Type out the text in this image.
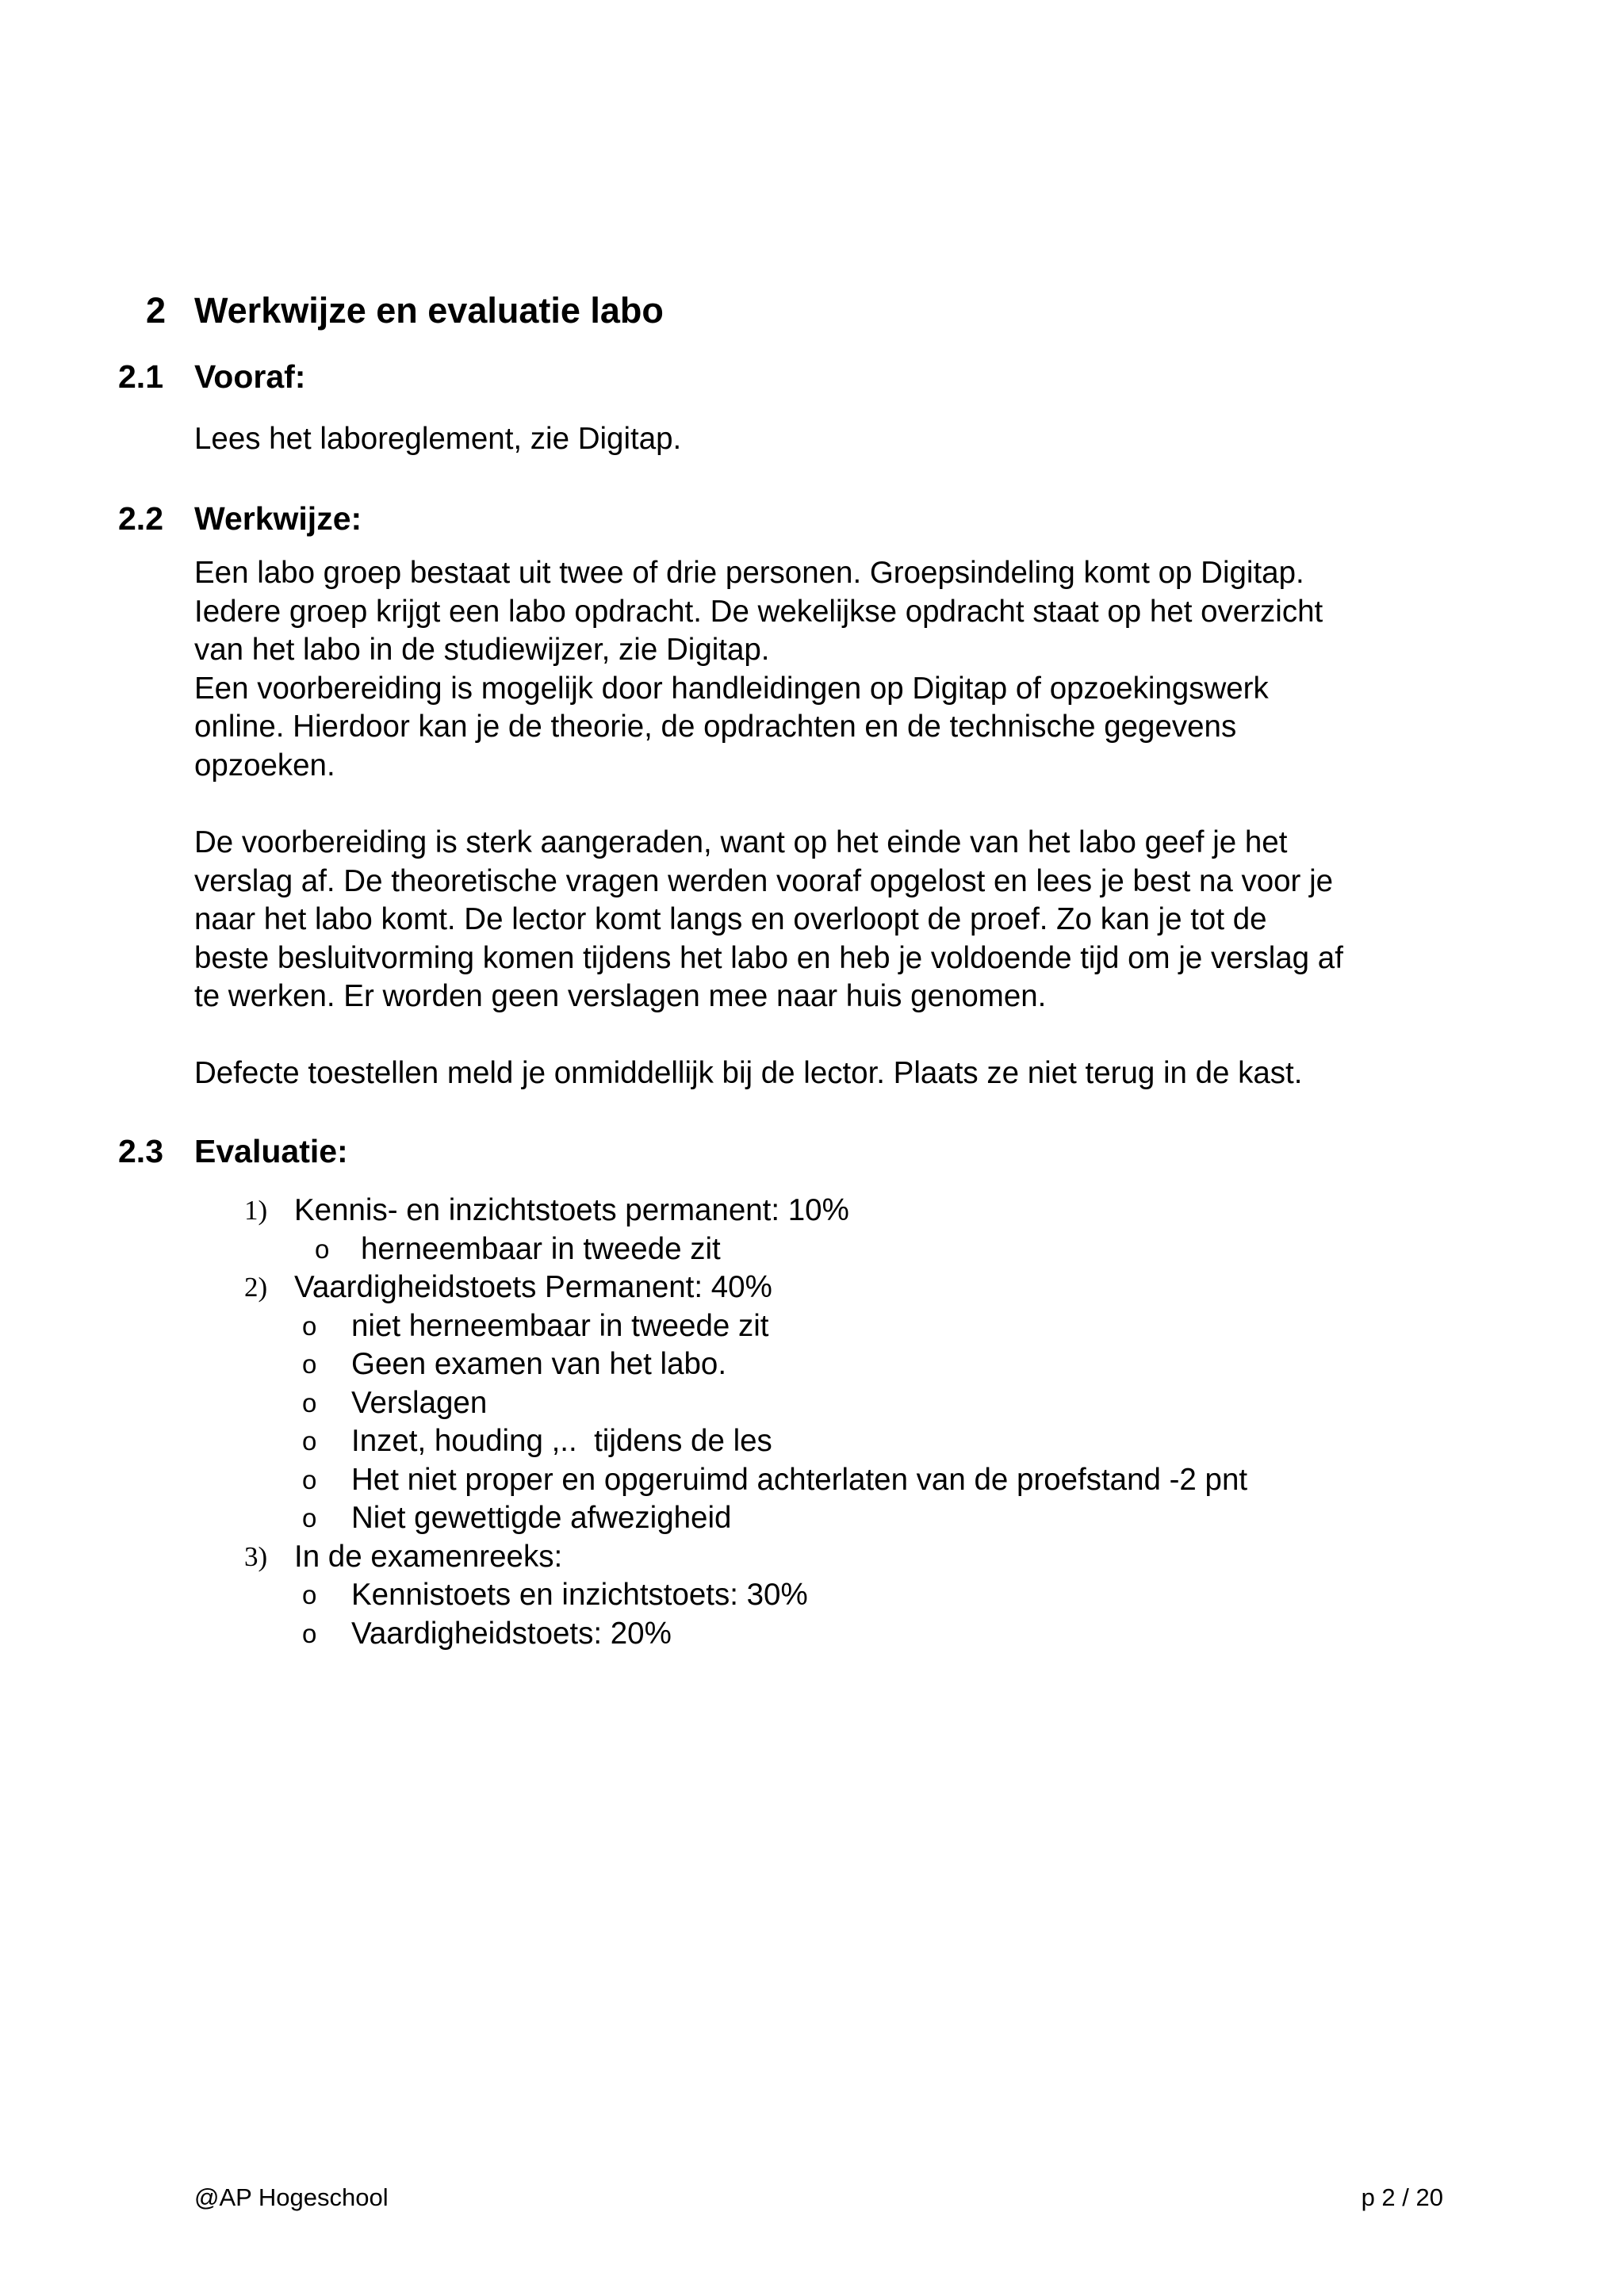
2 Werkwijze en evaluatie labo
2.1 Vooraf:
Lees het laboreglement, zie Digitap.
2.2 Werkwijze:
Een labo groep bestaat uit twee of drie personen. Groepsindeling komt op Digitap.
Iedere groep krijgt een labo opdracht. De wekelijkse opdracht staat op het overzicht
van het labo in de studiewijzer, zie Digitap.
Een voorbereiding is mogelijk door handleidingen op Digitap of opzoekingswerk
online. Hierdoor kan je de theorie, de opdrachten en de technische gegevens
opzoeken.
De voorbereiding is sterk aangeraden, want op het einde van het labo geef je het
verslag af. De theoretische vragen werden vooraf opgelost en lees je best na voor je
naar het labo komt. De lector komt langs en overloopt de proef. Zo kan je tot de
beste besluitvorming komen tijdens het labo en heb je voldoende tijd om je verslag af
te werken. Er worden geen verslagen mee naar huis genomen.
Defecte toestellen meld je onmiddellijk bij de lector. Plaats ze niet terug in de kast.
2.3 Evaluatie:
1) Kennis- en inzichtstoets permanent: 10%
o herneembaar in tweede zit
2) Vaardigheidstoets Permanent: 40%
o niet herneembaar in tweede zit
o Geen examen van het labo.
o Verslagen
o Inzet, houding ,..  tijdens de les
o Het niet proper en opgeruimd achterlaten van de proefstand -2 pnt
o Niet gewettigde afwezigheid
3) In de examenreeks:
o Kennistoets en inzichtstoets: 30%
o Vaardigheidstoets: 20%
@AP Hogeschool	p 2 / 20
